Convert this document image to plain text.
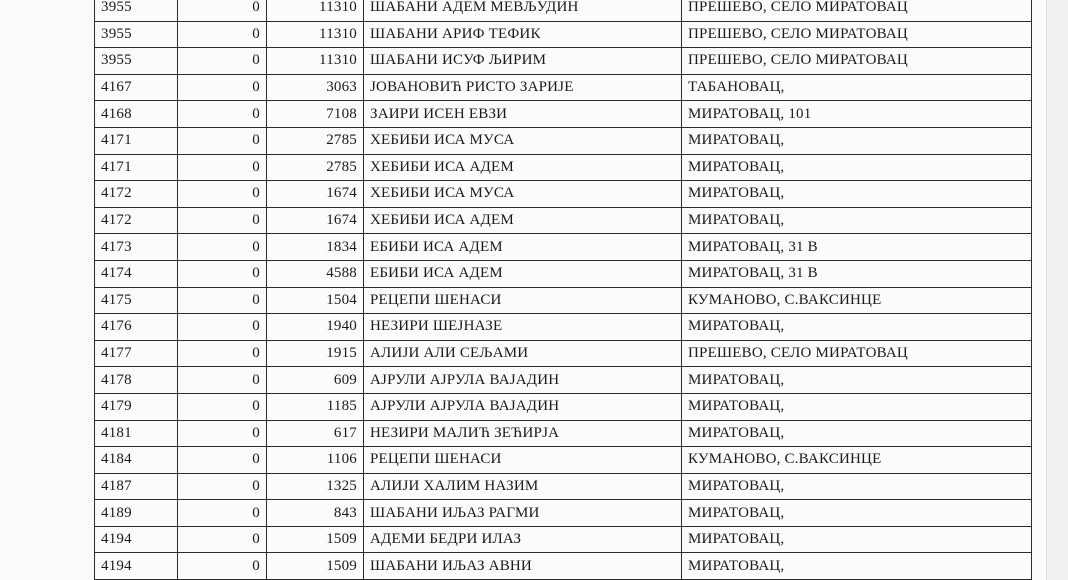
3955	0	11310	ШАБАНИ АДЕМ МЕВЉУДИН	ПРЕШЕВО, СЕЛО МИРАТОВАЦ
3955	0	11310	ШАБАНИ АРИФ ТЕФИК	ПРЕШЕВО, СЕЛО МИРАТОВАЦ
3955	0	11310	ШАБАНИ ИСУФ ЉИРИМ	ПРЕШЕВО, СЕЛО МИРАТОВАЦ
4167	0	3063	ЈОВАНОВИЋ РИСТО ЗАРИЈЕ	ТАБАНОВАЦ,
4168	0	7108	ЗАИРИ ИСЕН ЕВЗИ	МИРАТОВАЦ, 101
4171	0	2785	ХЕБИБИ ИСА МУСА	МИРАТОВАЦ,
4171	0	2785	ХЕБИБИ ИСА АДЕМ	МИРАТОВАЦ,
4172	0	1674	ХЕБИБИ ИСА МУСА	МИРАТОВАЦ,
4172	0	1674	ХЕБИБИ ИСА АДЕМ	МИРАТОВАЦ,
4173	0	1834	ЕБИБИ ИСА АДЕМ	МИРАТОВАЦ, 31 В
4174	0	4588	ЕБИБИ ИСА АДЕМ	МИРАТОВАЦ, 31 В
4175	0	1504	РЕЦЕПИ ШЕНАСИ	КУМАНОВО, С.ВАКСИНЦЕ
4176	0	1940	НЕЗИРИ ШЕЈНАЗЕ	МИРАТОВАЦ,
4177	0	1915	АЛИЈИ АЛИ СЕЉАМИ	ПРЕШЕВО, СЕЛО МИРАТОВАЦ
4178	0	609	АЈРУЛИ АЈРУЛА ВАЈАДИН	МИРАТОВАЦ,
4179	0	1185	АЈРУЛИ АЈРУЛА ВАЈАДИН	МИРАТОВАЦ,
4181	0	617	НЕЗИРИ МАЛИЋ ЗЕЋИРЈА	МИРАТОВАЦ,
4184	0	1106	РЕЦЕПИ ШЕНАСИ	КУМАНОВО, С.ВАКСИНЦЕ
4187	0	1325	АЛИЈИ ХАЛИМ НАЗИМ	МИРАТОВАЦ,
4189	0	843	ШАБАНИ ИЉАЗ РАГМИ	МИРАТОВАЦ,
4194	0	1509	АДЕМИ БЕДРИ ИЛАЗ	МИРАТОВАЦ,
4194	0	1509	ШАБАНИ ИЉАЗ АВНИ	МИРАТОВАЦ,
